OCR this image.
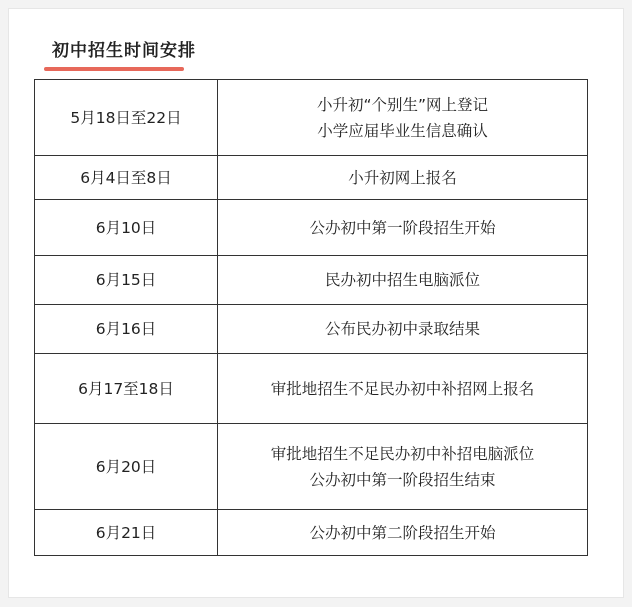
初中招生时间安排
5月18日至22日	小升初“个别生”网上登记
小学应届毕业生信息确认

6月4日至8日	小升初网上报名

6月10日	公办初中第一阶段招生开始

6月15日	民办初中招生电脑派位

6月16日	公布民办初中录取结果

6月17至18日	审批地招生不足民办初中补招网上报名

6月20日	审批地招生不足民办初中补招电脑派位
公办初中第一阶段招生结束

6月21日	公办初中第二阶段招生开始
